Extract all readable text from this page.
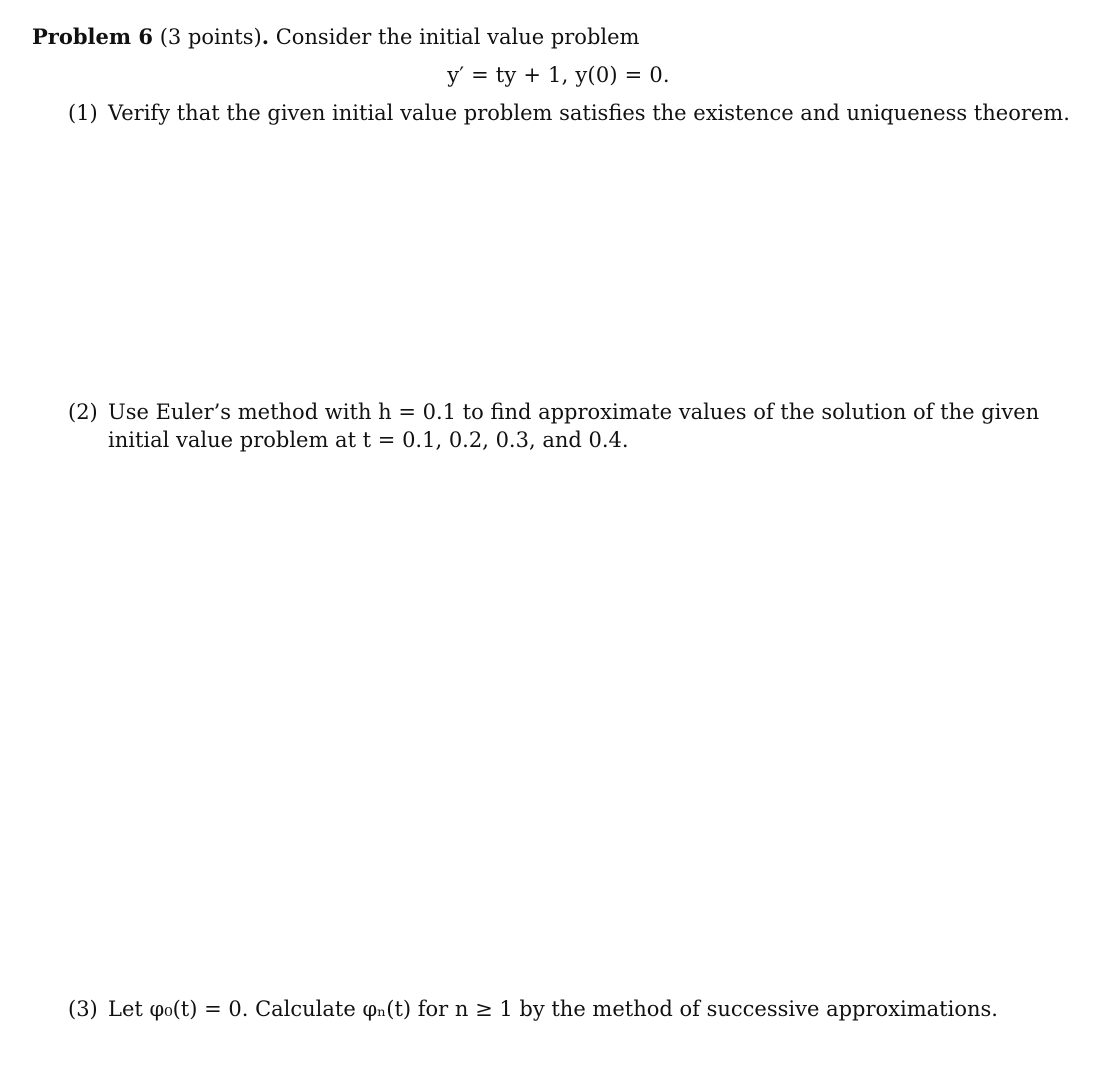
Problem 6 (3 points). Consider the initial value problem
y′ = ty + 1, y(0) = 0.
(1) Verify that the given initial value problem satisfies the existence and uniqueness theorem.
(2) Use Euler’s method with h = 0.1 to find approximate values of the solution of the given initial value problem at t = 0.1, 0.2, 0.3, and 0.4.
(3) Let φ₀(t) = 0. Calculate φₙ(t) for n ≥ 1 by the method of successive approximations.
